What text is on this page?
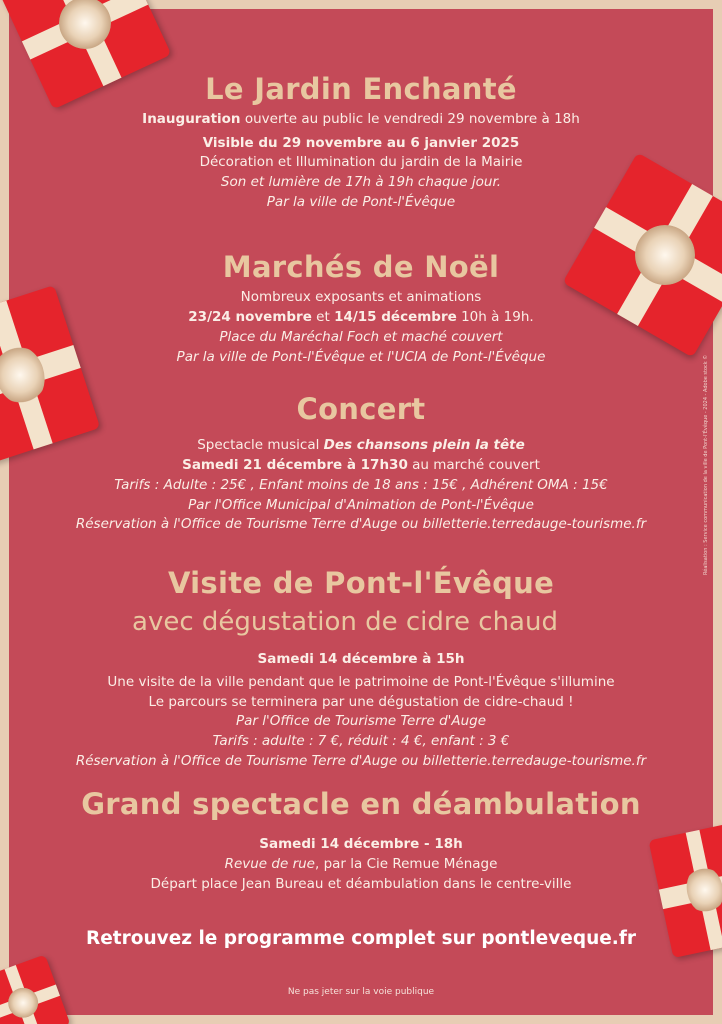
Le Jardin Enchanté

Inauguration ouverte au public le vendredi 29 novembre à 18h

Visible du 29 novembre au 6 janvier 2025

Décoration et Illumination du jardin de la Mairie

Son et lumière de 17h à 19h chaque jour.

Par la ville de Pont-l'Évêque

Marchés de Noël

Nombreux exposants et animations

23/24 novembre et 14/15 décembre 10h à 19h.

Place du Maréchal Foch et maché couvert

Par la ville de Pont-l'Évêque et l'UCIA de Pont-l'Évêque

Concert

Spectacle musical Des chansons plein la tête

Samedi 21 décembre à 17h30 au marché couvert

Tarifs : Adulte : 25€ , Enfant moins de 18 ans : 15€ , Adhérent OMA : 15€

Par l'Office Municipal d'Animation de Pont-l'Évêque

Réservation à l'Office de Tourisme Terre d'Auge ou billetterie.terredauge-tourisme.fr

Visite de Pont-l'Évêque
avec dégustation de cidre chaud

Samedi 14 décembre à 15h

Une visite de la ville pendant que le patrimoine de Pont-l'Évêque s'illumine

Le parcours se terminera par une dégustation de cidre-chaud !

Par l'Office de Tourisme Terre d'Auge

Tarifs : adulte : 7 €, réduit : 4 €, enfant : 3 €

Réservation à l'Office de Tourisme Terre d'Auge ou billetterie.terredauge-tourisme.fr

Grand spectacle en déambulation

Samedi 14 décembre - 18h

Revue de rue, par la Cie Remue Ménage

Départ place Jean Bureau et déambulation dans le centre-ville

Retrouvez le programme complet sur pontleveque.fr

Ne pas jeter sur la voie publique

Réalisation : Service communication de la ville de Pont-l'Évêque - 2024 - Adobe stock ©
